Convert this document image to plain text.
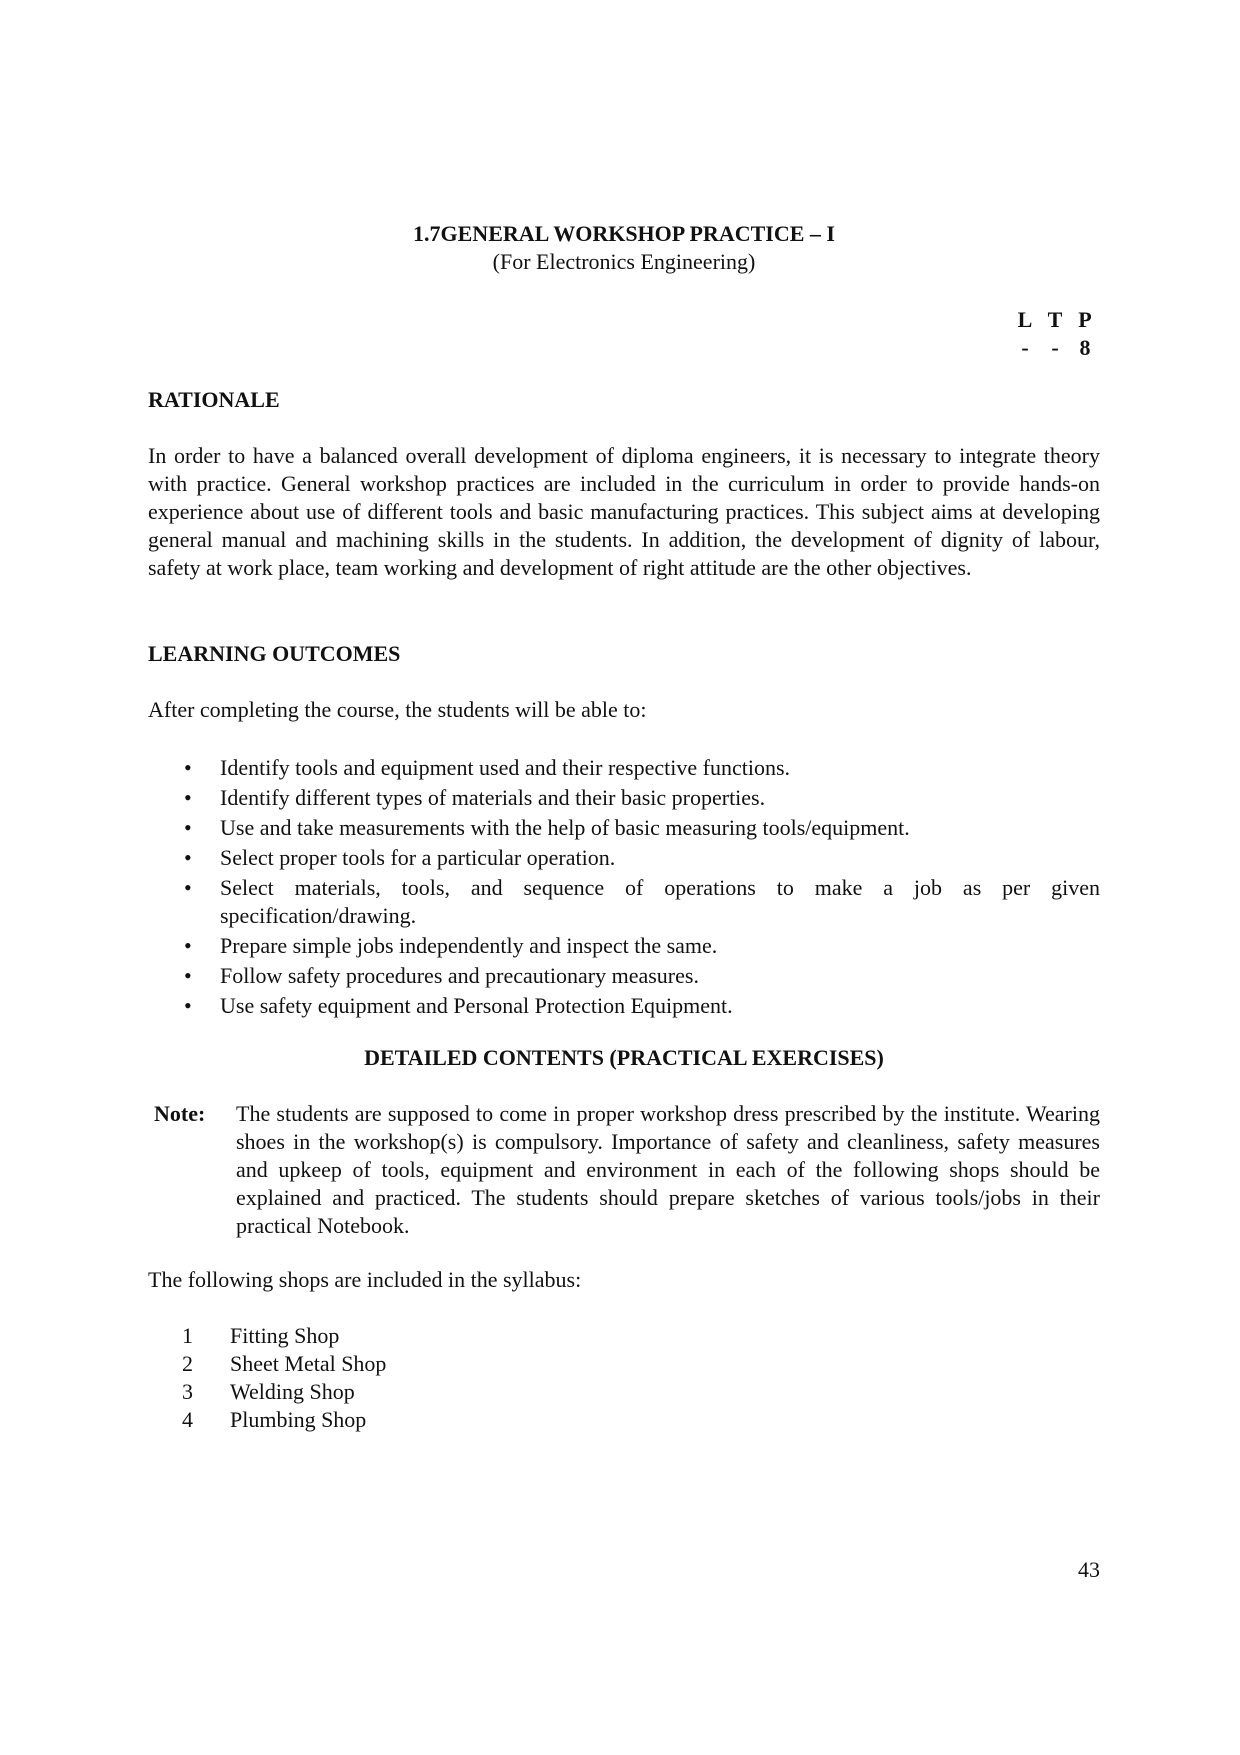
1.7GENERAL WORKSHOP PRACTICE – I

(For Electronics Engineering)

L T P
- - 8

RATIONALE

In order to have a balanced overall development of diploma engineers, it is necessary to integrate theory with practice. General workshop practices are included in the curriculum in order to provide hands-on experience about use of different tools and basic manufacturing practices. This subject aims at developing general manual and machining skills in the students. In addition, the development of dignity of labour, safety at work place, team working and development of right attitude are the other objectives.

LEARNING OUTCOMES

After completing the course, the students will be able to:

• Identify tools and equipment used and their respective functions.
• Identify different types of materials and their basic properties.
• Use and take measurements with the help of basic measuring tools/equipment.
• Select proper tools for a particular operation.
• Select materials, tools, and sequence of operations to make a job as per given specification/drawing.
• Prepare simple jobs independently and inspect the same.
• Follow safety procedures and precautionary measures.
• Use safety equipment and Personal Protection Equipment.

DETAILED CONTENTS (PRACTICAL EXERCISES)

Note: The students are supposed to come in proper workshop dress prescribed by the institute. Wearing shoes in the workshop(s) is compulsory. Importance of safety and cleanliness, safety measures and upkeep of tools, equipment and environment in each of the following shops should be explained and practiced. The students should prepare sketches of various tools/jobs in their practical Notebook.

The following shops are included in the syllabus:

1 Fitting Shop
2 Sheet Metal Shop
3 Welding Shop
4 Plumbing Shop

43
